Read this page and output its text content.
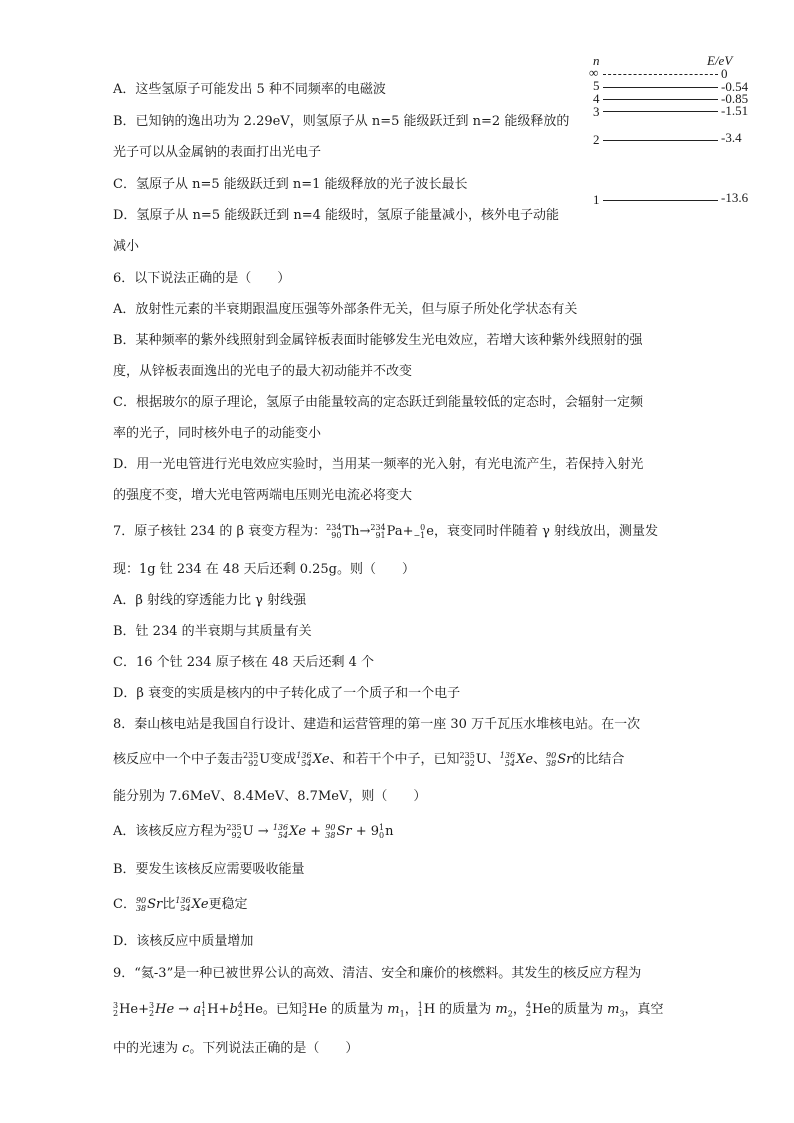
n	E/eV
∞	0
5	-0.54
4	-0.85
3	-1.51
2	-3.4
1	-13.6
A．这些氢原子可能发出 5 种不同频率的电磁波
B．已知钠的逸出功为 2.29eV，则氢原子从 n=5 能级跃迁到 n=2 能级释放的
光子可以从金属钠的表面打出光电子
C．氢原子从 n=5 能级跃迁到 n=1 能级释放的光子波长最长
D．氢原子从 n=5 能级跃迁到 n=4 能级时，氢原子能量减小，核外电子动能
减小
6．以下说法正确的是（　　）
A．放射性元素的半衰期跟温度压强等外部条件无关，但与原子所处化学状态有关
B．某种频率的紫外线照射到金属锌板表面时能够发生光电效应，若增大该种紫外线照射的强
度，从锌板表面逸出的光电子的最大初动能并不改变
C．根据玻尔的原子理论，氢原子由能量较高的定态跃迁到能量较低的定态时，会辐射一定频
率的光子，同时核外电子的动能变小
D．用一光电管进行光电效应实验时，当用某一频率的光入射，有光电流产生，若保持入射光
的强度不变，增大光电管两端电压则光电流必将变大
7．原子核钍 234 的 β 衰变方程为： 234
90 Th→ 234
91 Pa+ 0
−1 e，衰变同时伴随着 γ 射线放出，测量发
现：1g 钍 234 在 48 天后还剩 0.25g。则（　　）
A．β 射线的穿透能力比 γ 射线强
B．钍 234 的半衰期与其质量有关
C．16 个钍 234 原子核在 48 天后还剩 4 个
D．β 衰变的实质是核内的中子转化成了一个质子和一个电子
8．秦山核电站是我国自行设计、建造和运营管理的第一座 30 万千瓦压水堆核电站。在一次
核反应中一个中子轰击 235
92 U变成 136
54 Xe、和若干个中子，已知 235
92 U、 136
54 Xe、 90
38 Sr的比结合
能分别为 7.6MeV、8.4MeV、8.7MeV，则（　　）
A．该核反应方程为 235
92 U → 136
54 Xe + 90
38 Sr + 9 1
0 n
B．要发生该核反应需要吸收能量
C． 90
38 Sr比 136
54 Xe更稳定
D．该核反应中质量增加
9．“氦-3”是一种已被世界公认的高效、清洁、安全和廉价的核燃料。其发生的核反应方程为
3
2 He+ 3
2 He → a 1
1 H+b 4
2 He。已知 3
2 He 的质量为 $m_1$， 1
1 H 的质量为 $m_2$， 4
2 He的质量为 $m_3$，真空
中的光速为 c。下列说法正确的是（　　）
